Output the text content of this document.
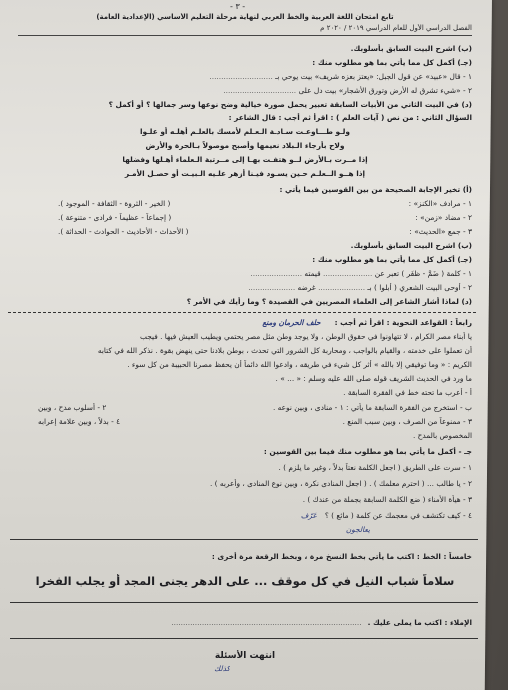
- ٣ -
تابع امتحان اللغة العربية والخط العربي لنهاية مرحلة التعليم الأساسي (الإعدادية العامة)
الفصل الدراسي الأول للعام الدراسي ٢٠١٩ / ٢٠٢٠ م
(ب) اشرح البيت السابق بأسلوبك.
(جـ) أكمل كل مما يأتي بما هو مطلوب منك :
١ - قال «عبيد» عن قول الجبل: «يعتز بعزه شريف» بيت يوحي بـ ...........................
٢ - «شيء تشرق له الأرض وتورق الأشجار» بيت دل على ...............................
(د) في البيت الثاني من الأبيات السابقة تعبير يحمل صورة خيالية وضح نوعها وسر جمالها ؟ أو أكمل ؟
السؤال الثاني : من نص ( آيات العلم ) : اقرأ ثم أجب : قال الشاعر :
ولـو طـــاوعـت سـادـة الـعـلم لأمسك بالعلـم أهلـه أو علـوا
ولاح بأرجاء الـبلاد نعيمها وأصبح موصولاً بـالحرة والأرض
إذا مــرت بـالأرض لــو هتفـت بهـا إلى مــرتبة الـعلماء أهـلها وفضلها
إذا هــو الــعلـم حـين يسـود فيـنا أزهر علـيه الـبيـت أو حصـل الأمـر
(أ) تخير الإجابة الصحيحة من بين القوسين فيما يأتي :
١ - مرادف «الكنز» :
( الخير - الثروة - الثقافة - الموجود ).
٢ - مضاد «زمن» :
( إجماعاً - عظيماً - فرادى - متنوعة ).
٣ - جمع «الحديث» :
( الأحداث - الأحاديث - الحوادث - الحداثة ).
(ب) اشرح البيت السابق بأسلوبك.
(جـ) أكمل كل مما يأتي بما هو مطلوب منك :
١ - كلمة ( ضَمَّ - ظفَر ) تعبر عن ..................... قيمته ......................
٢ - أوحى البيت الشعري ( أبلوا ) بـ .................... غرضه ....................
(د) لماذا أشار الشاعر إلى العلماء المصريين في القصيدة ؟ وما رأيك في الأمر ؟
رابعاً : القواعد النحوية : اقرأ ثم أجب :حلف الحرمان ومنع
يا أبناء مصر الكرام ، لا تتهاونوا في حقوق الوطن ، ولا يوجد وطن مثل مصر يحتمي ويطيب العيش فيها . فيجب
أن تعملوا على خدمته ، والقيام بالواجب ، ومحاربة كل الشرور التي تحدث ، بوطن بلادنا حتى ينهض بقوة . نذكر الله في كتابه
الكريم : « وما توفيقي إلا بالله » أثر كل شيء في طريقه ، وادعوا الله دائماً أن يحفظ مصرنا الحبيبة من كل سوء .
ما ورد في الحديث الشريف قوله صلى الله عليه وسلم : « ... » .
أ - أعرب ما تحته خط في الفقرة السابقة .
ب - استخرج من الفقرة السابقة ما يأتي : ١ - منادى ، وبين نوعه .
٢ - أسلوب مدح ، وبين
٣ - ممنوعاً من الصرف ، وبين سبب المنع .
٤ - بدلاً ، وبين علامة إعرابه
المخصوص بالمدح .
جـ - أكمل ما يأتي بما هو مطلوب منك فيما بين القوسين :
١ - سرت على الطريق ( اجعل الكلمة نعتاً بدلاً ، وغير ما يلزم ) .
٢ - يا طالب ... ( احترم معلمك ) . ( اجعل المنادى نكرة ، وبين نوع المنادى ، وأعربه ) .
٣ - هيأة الأمناء ( ضع الكلمة السابقة بجملة من عندك ) .
٤ - كيف تكتشف في معجمك عن كلمة ( مائع ) ؟عَرّف
يعالجون
خامساً : الخط : اكتب ما يأتي بخط النسخ مرة ، وبخط الرقعة مرة أخرى :
سلاماً شباب النيل في كل موقف ... على الدهر يجنى المجد أو يجلب الفخرا
الإملاء : اكتب ما يملى عليك ..................................................................................
انتهت الأسئلة
كذلك
